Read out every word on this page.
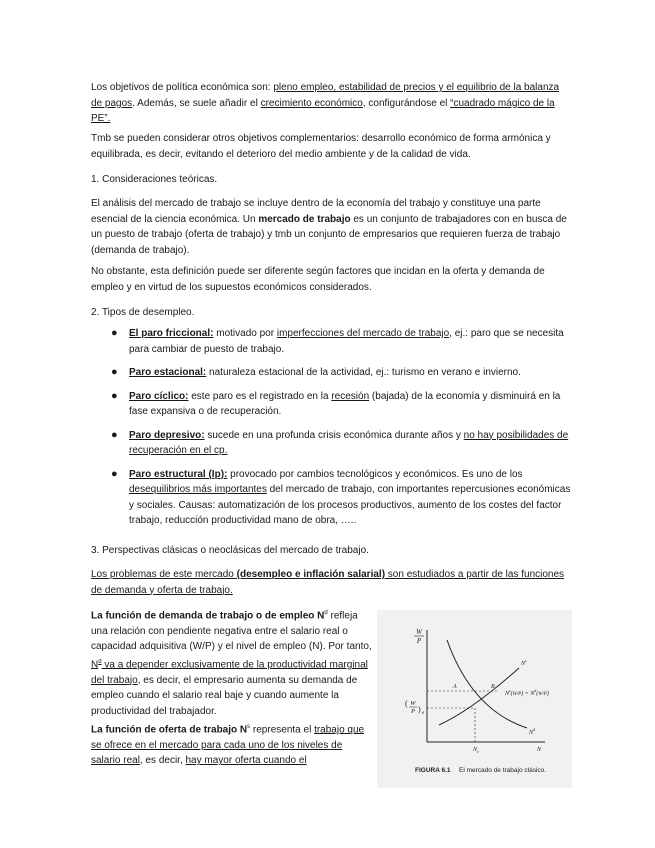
Los objetivos de política económica son: pleno empleo, estabilidad de precios y el equilibrio de la balanza de pagos. Además, se suele añadir el crecimiento económico, configurándose el “cuadrado mágico de la PE”.

Tmb se pueden considerar otros objetivos complementarios: desarrollo económico de forma armónica y equilibrada, es decir, evitando el deterioro del medio ambiente y de la calidad de vida.

1. Consideraciones teóricas.

El análisis del mercado de trabajo se incluye dentro de la economía del trabajo y constituye una parte esencial de la ciencia económica. Un mercado de trabajo es un conjunto de trabajadores con en busca de un puesto de trabajo (oferta de trabajo) y tmb un conjunto de empresarios que requieren fuerza de trabajo (demanda de trabajo).

No obstante, esta definición puede ser diferente según factores que incidan en la oferta y demanda de empleo y en virtud de los supuestos económicos considerados.

2. Tipos de desempleo.

● El paro friccional: motivado por imperfecciones del mercado de trabajo, ej.: paro que se necesita para cambiar de puesto de trabajo.
● Paro estacional: naturaleza estacional de la actividad, ej.: turismo en verano e invierno.
● Paro cíclico: este paro es el registrado en la recesión (bajada) de la economía y disminuirá en la fase expansiva o de recuperación.
● Paro depresivo: sucede en una profunda crisis económica durante años y no hay posibilidades de recuperación en el cp.
● Paro estructural (Ip): provocado por cambios tecnológicos y económicos. Es uno de los desequilibrios más importantes del mercado de trabajo, con importantes repercusiones económicas y sociales. Causas: automatización de los procesos productivos, aumento de los costes del factor trabajo, reducción productividad mano de obra, …..

3. Perspectivas clásicas o neoclásicas del mercado de trabajo.

Los problemas de este mercado (desempleo e inflación salarial) son estudiados a partir de las funciones de demanda y oferta de trabajo.

La función de demanda de trabajo o de empleo $N^d$ refleja una relación con pendiente negativa entre el salario real o capacidad adquisitiva (W/P) y el nivel de empleo (N). Por tanto, $N^d$ va a depender exclusivamente de la productividad marginal del trabajo, es decir, el empresario aumenta su demanda de empleo cuando el salario real baje y cuando aumente la productividad del trabajador.

La función de oferta de trabajo $N^s$ representa el trabajo que se ofrece en el mercado para cada uno de los niveles de salario real, es decir, hay mayor oferta cuando el

W
P
( W
P ) e
A	B
$N^s$
$N^d$
$N^s(W/P) = N^d(W/P)$
$N_e$	N
FIGURA 6.1 El mercado de trabajo clásico.
